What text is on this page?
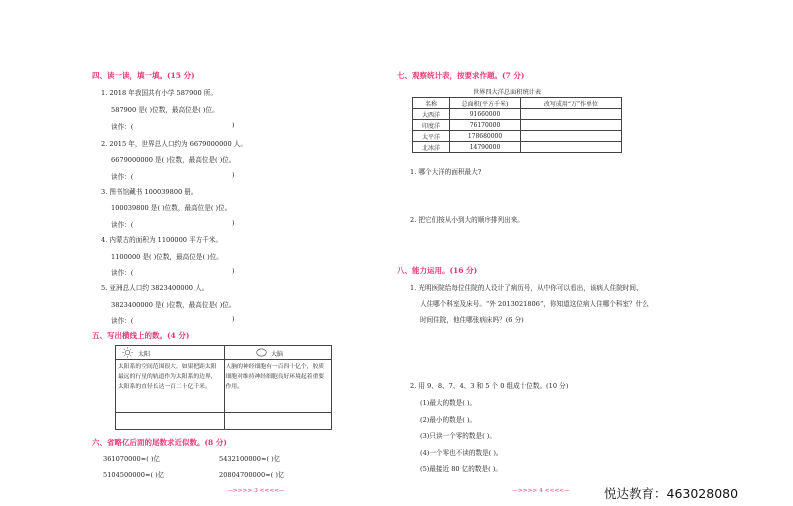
四、读一读，填一填。(15 分)
1. 2018 年我国共有小学 587900 所。
587900 是( )位数，最高位是( )位。
读作：(	)
2. 2015 年，世界总人口约为 6679000000 人。
6679000000 是( )位数，最高位是( )位。
读作：(	)
3. 图书馆藏书 100039800 册。
100039800 是( )位数，最高位是( )位。
读作：(	)
4. 内蒙古的面积为 1100000 平方千米。
1100000 是( )位数，最高位是( )位。
读作：(	)
5. 亚洲总人口约 3823400000 人。
3823400000 是( )位数，最高位是( )位。
读作：(	)
五、写出横线上的数。(4 分)
太阳	大脑
太阳系的空间范围很大，如果把距太阳最远的行星的轨道作为太阳系的边界，太阳系的直径长达一百二十亿千米。
人脑的神经细胞有一百四十亿个，胶质细胞对维持神经细胞良好环境起着重要作用。
六、省略亿后面的尾数求近似数。(8 分)
361070000≈( )亿	5432100000≈( )亿
5104500000≈( )亿	20804700000≈( )亿
—>>>> 3 <<<<—
七、观察统计表，按要求作题。(7 分)
世界四大洋总面积统计表
名称	总面积(平方千米)	改写成用“万”作单位
大西洋	91660000	
印度洋	76170000	
太平洋	178680000	
北冰洋	14790000	
1. 哪个大洋的面积最大?
2. 把它们按从小到大的顺序排列出来。
八、能力运用。(16 分)
1. 光明医院给每位住院的人设计了病历号，从中你可以看出，该病人住院时间、
人住哪个科室及床号。“外 2013021806”，你知道这位病人住哪个科室？什么
时间住院，他住哪张病床吗？(6 分)
2. 用 9、8、7、4、3 和 5 个 0 组成十位数。(10 分)
(1)最大的数是( )。
(2)最小的数是( )。
(3)只读一个零的数是( )。
(4)一个零也不读的数是( )。
(5)最接近 80 亿的数是( )。
—>>>> 4 <<<<—	悦达教育：463028080
